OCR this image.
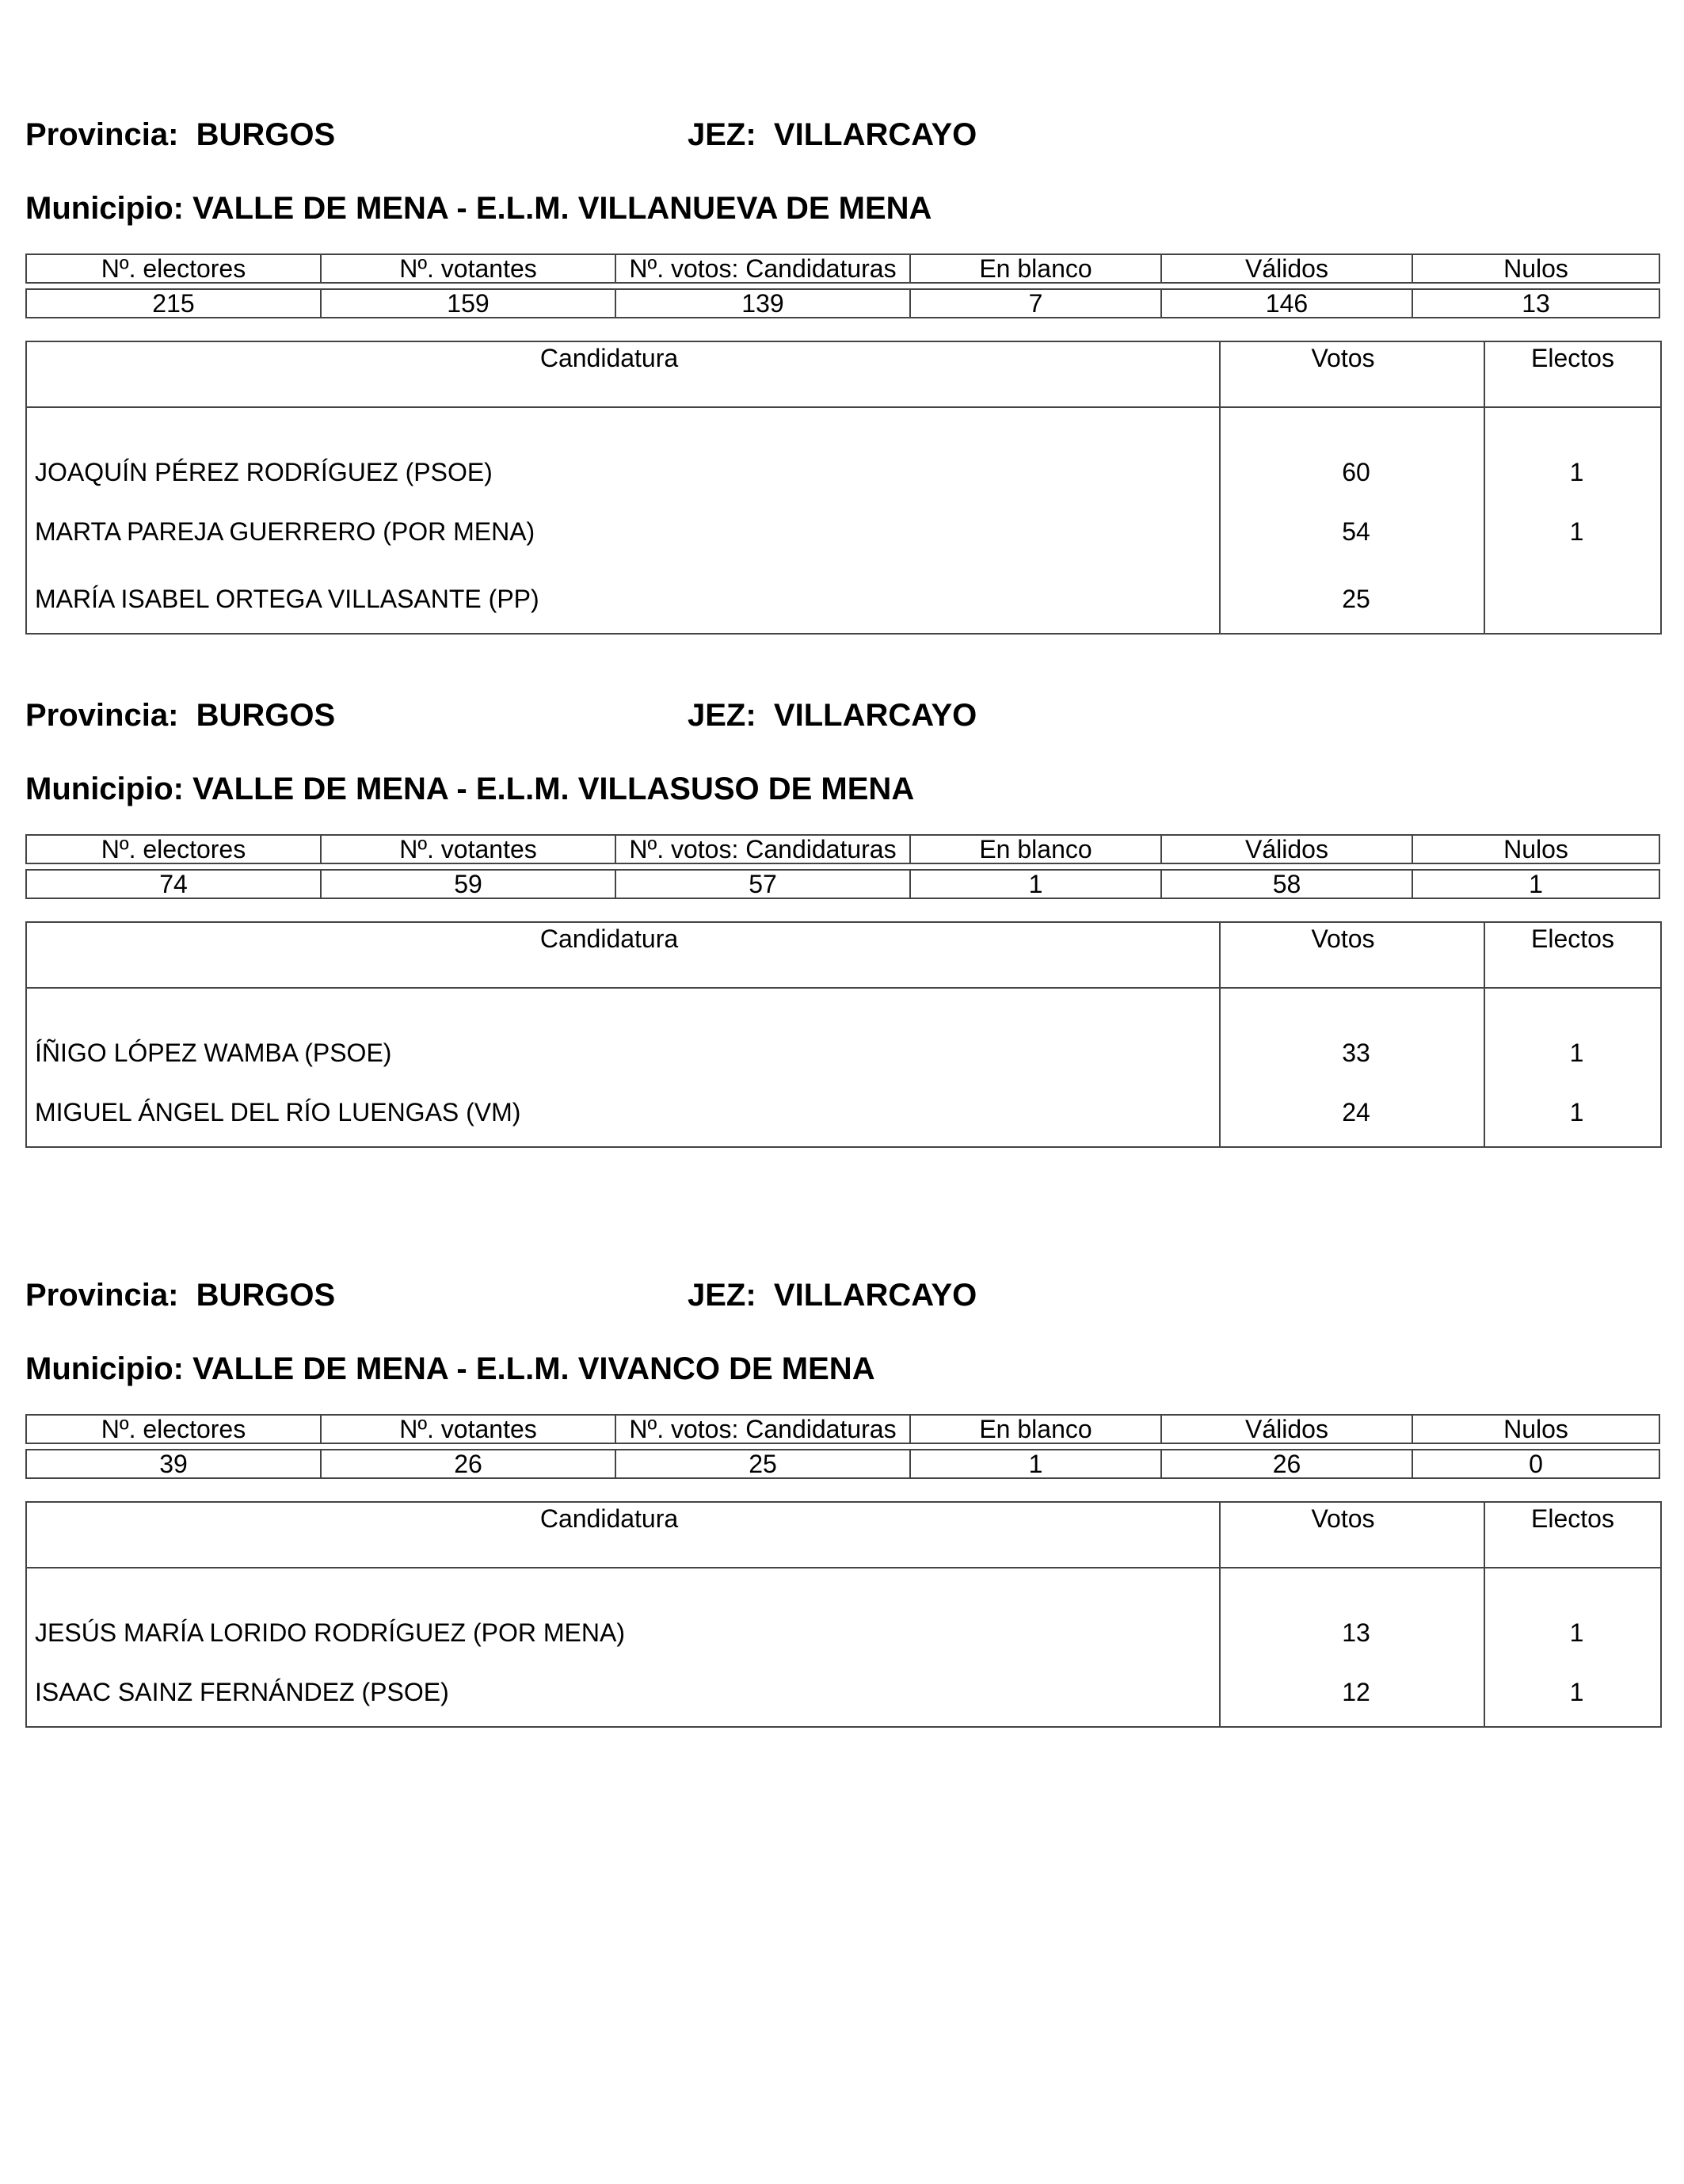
Provincia:  BURGOS	JEZ:  VILLARCAYO
Municipio: VALLE DE MENA - E.L.M. VILLANUEVA DE MENA
Nº. electores	Nº. votantes	Nº. votos: Candidaturas	En blanco	Válidos	Nulos
215	159	139	7	146	13
Candidatura	Votos	Electos
JOAQUÍN PÉREZ RODRÍGUEZ (PSOE)	60	1
MARTA PAREJA GUERRERO (POR MENA)	54	1
MARÍA ISABEL ORTEGA VILLASANTE (PP)	25	
Provincia:  BURGOS	JEZ:  VILLARCAYO
Municipio: VALLE DE MENA - E.L.M. VILLASUSO DE MENA
Nº. electores	Nº. votantes	Nº. votos: Candidaturas	En blanco	Válidos	Nulos
74	59	57	1	58	1
Candidatura	Votos	Electos
ÍÑIGO LÓPEZ WAMBA (PSOE)	33	1
MIGUEL ÁNGEL DEL RÍO LUENGAS (VM)	24	1
Provincia:  BURGOS	JEZ:  VILLARCAYO
Municipio: VALLE DE MENA - E.L.M. VIVANCO DE MENA
Nº. electores	Nº. votantes	Nº. votos: Candidaturas	En blanco	Válidos	Nulos
39	26	25	1	26	0
Candidatura	Votos	Electos
JESÚS MARÍA LORIDO RODRÍGUEZ (POR MENA)	13	1
ISAAC SAINZ FERNÁNDEZ (PSOE)	12	1
